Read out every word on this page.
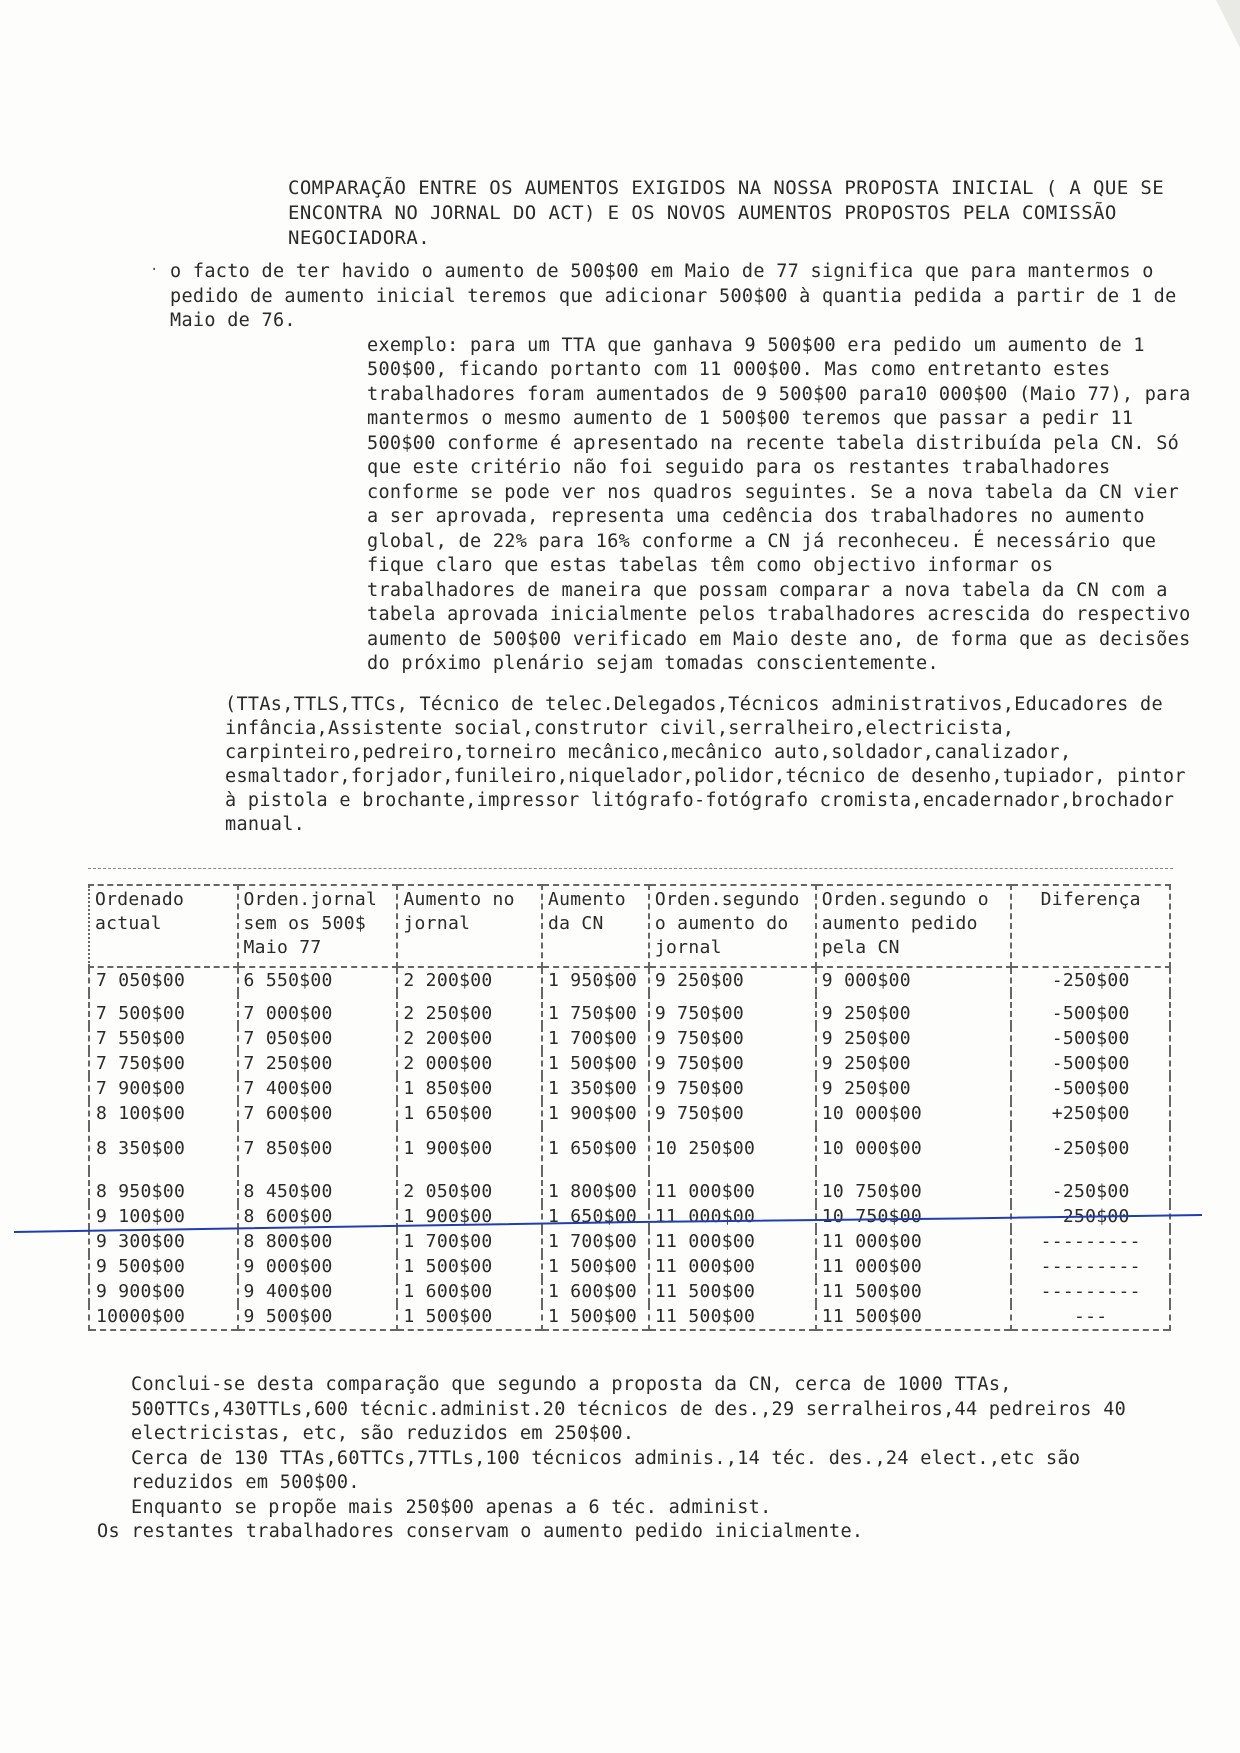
COMPARAÇÃO ENTRE OS AUMENTOS EXIGIDOS NA NOSSA PROPOSTA INICIAL ( A QUE SE ENCONTRA NO JORNAL DO ACT) E OS NOVOS AUMENTOS PROPOSTOS PELA COMISSÃO NEGOCIADORA.
· o facto de ter havido o aumento de 500$00 em Maio de 77 significa que para mantermos o pedido de aumento inicial teremos que adicionar 500$00 à quantia pedida a partir de 1 de Maio de 76.
exemplo: para um TTA que ganhava 9 500$00 era pedido um aumento de 1 500$00, ficando portanto com 11 000$00. Mas como entretanto estes trabalhadores foram aumentados de 9 500$00 para10 000$00 (Maio 77), para mantermos o mesmo aumento de 1 500$00 teremos que passar a pedir 11 500$00 conforme é apresentado na recente tabela distribuída pela CN. Só que este critério não foi seguido para os restantes trabalhadores conforme se pode ver nos quadros seguintes. Se a nova tabela da CN vier a ser aprovada, representa uma cedência dos trabalhadores no aumento global, de 22% para 16% conforme a CN já reconheceu. É necessário que fique claro que estas tabelas têm como objectivo informar os trabalhadores de maneira que possam comparar a nova tabela da CN com a tabela aprovada inicialmente pelos trabalhadores acrescida do respectivo aumento de 500$00 verificado em Maio deste ano, de forma que as decisões do próximo plenário sejam tomadas conscientemente.
(TTAs,TTLS,TTCs, Técnico de telec.Delegados,Técnicos administrativos,Educadores de infância,Assistente social,construtor civil,serralheiro,electricista, carpinteiro,pedreiro,torneiro mecânico,mecânico auto,soldador,canalizador, esmaltador,forjador,funileiro,niquelador,polidor,técnico de desenho,tupiador, pintor à pistola e brochante,impressor litógrafo-fotógrafo cromista,encadernador,brochador manual.
Ordenado actual	Orden.jornal sem os 500$ Maio 77	Aumento no jornal	Aumento da CN	Orden.segundo o aumento do jornal	Orden.segundo o aumento pedido pela CN	Diferença
7 050$00	6 550$00	2 200$00	1 950$00	9 250$00	9 000$00	-250$00
7 500$00	7 000$00	2 250$00	1 750$00	9 750$00	9 250$00	-500$00
7 550$00	7 050$00	2 200$00	1 700$00	9 750$00	9 250$00	-500$00
7 750$00	7 250$00	2 000$00	1 500$00	9 750$00	9 250$00	-500$00
7 900$00	7 400$00	1 850$00	1 350$00	9 750$00	9 250$00	-500$00
8 100$00	7 600$00	1 650$00	1 900$00	9 750$00	10 000$00	+250$00
8 350$00	7 850$00	1 900$00	1 650$00	10 250$00	10 000$00	-250$00
8 950$00	8 450$00	2 050$00	1 800$00	11 000$00	10 750$00	-250$00
9 100$00	8 600$00	1 900$00	1 650$00	11 000$00	10 750$00	-250$00
9 300$00	8 800$00	1 700$00	1 700$00	11 000$00	11 000$00	---------
9 500$00	9 000$00	1 500$00	1 500$00	11 000$00	11 000$00	---------
9 900$00	9 400$00	1 600$00	1 600$00	11 500$00	11 500$00	---------
10000$00	9 500$00	1 500$00	1 500$00	11 500$00	11 500$00	---
Conclui-se desta comparação que segundo a proposta da CN, cerca de 1000 TTAs, 500TTCs,430TTLs,600 técnic.administ.20 técnicos de des.,29 serralheiros,44 pedreiros 40 electricistas, etc, são reduzidos em 250$00.
Cerca de 130 TTAs,60TTCs,7TTLs,100 técnicos adminis.,14 téc. des.,24 elect.,etc são reduzidos em 500$00.
Enquanto se propõe mais 250$00 apenas a 6 téc. administ.
Os restantes trabalhadores conservam o aumento pedido inicialmente.
